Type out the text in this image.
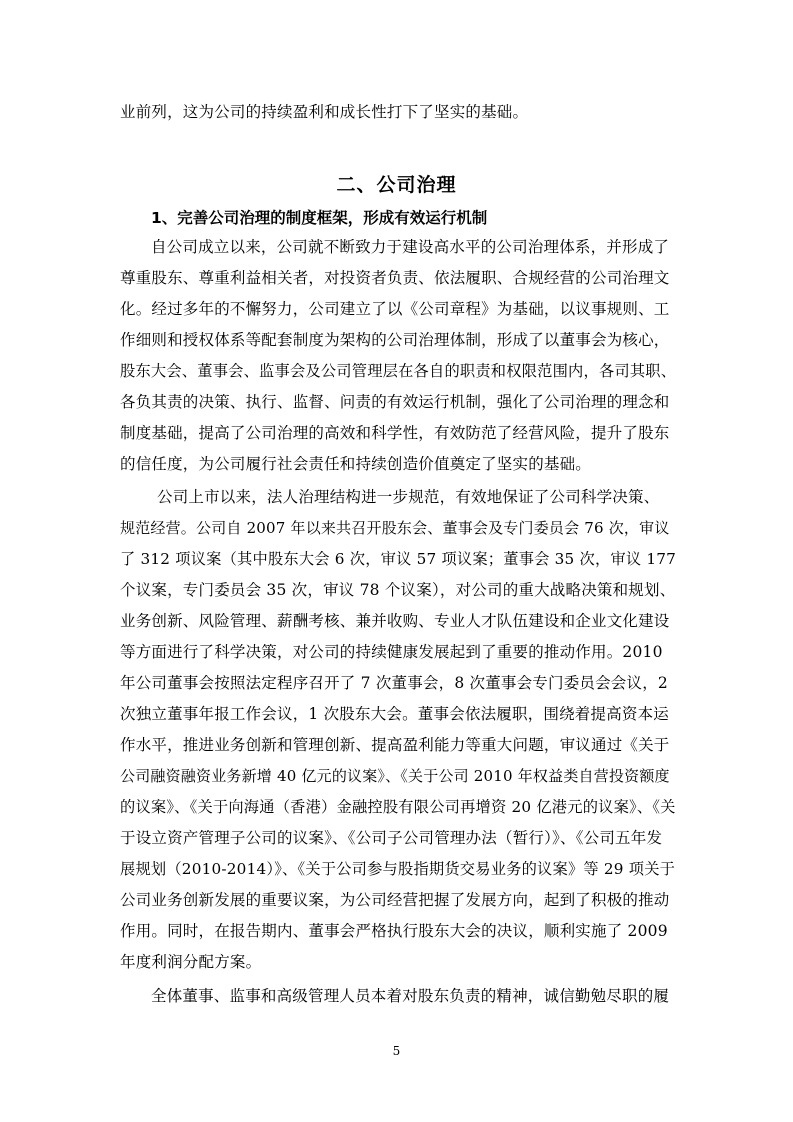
业前列，这为公司的持续盈利和成长性打下了坚实的基础。
二、公司治理
1、完善公司治理的制度框架，形成有效运行机制
自公司成立以来，公司就不断致力于建设高水平的公司治理体系，并形成了
尊重股东、尊重利益相关者，对投资者负责、依法履职、合规经营的公司治理文
化。经过多年的不懈努力，公司建立了以《公司章程》为基础，以议事规则、工
作细则和授权体系等配套制度为架构的公司治理体制，形成了以董事会为核心，
股东大会、董事会、监事会及公司管理层在各自的职责和权限范围内，各司其职、
各负其责的决策、执行、监督、问责的有效运行机制，强化了公司治理的理念和
制度基础，提高了公司治理的高效和科学性，有效防范了经营风险，提升了股东
的信任度，为公司履行社会责任和持续创造价值奠定了坚实的基础。
公司上市以来，法人治理结构进一步规范，有效地保证了公司科学决策、
规范经营。公司自 2007 年以来共召开股东会、董事会及专门委员会 76 次，审议
了 312 项议案（其中股东大会 6 次，审议 57 项议案；董事会 35 次，审议 177
个议案，专门委员会 35 次，审议 78 个议案），对公司的重大战略决策和规划、
业务创新、风险管理、薪酬考核、兼并收购、专业人才队伍建设和企业文化建设
等方面进行了科学决策，对公司的持续健康发展起到了重要的推动作用。2010
年公司董事会按照法定程序召开了 7 次董事会，8 次董事会专门委员会会议，2
次独立董事年报工作会议，1 次股东大会。董事会依法履职，围绕着提高资本运
作水平，推进业务创新和管理创新、提高盈利能力等重大问题，审议通过《关于
公司融资融资业务新增 40 亿元的议案》、《关于公司 2010 年权益类自营投资额度
的议案》、《关于向海通（香港）金融控股有限公司再增资 20 亿港元的议案》、《关
于设立资产管理子公司的议案》、《公司子公司管理办法（暂行）》、《公司五年发
展规划（2010-2014）》、《关于公司参与股指期货交易业务的议案》等 29 项关于
公司业务创新发展的重要议案，为公司经营把握了发展方向，起到了积极的推动
作用。同时，在报告期内、董事会严格执行股东大会的决议，顺利实施了 2009
年度利润分配方案。
全体董事、监事和高级管理人员本着对股东负责的精神，诚信勤勉尽职的履
5
